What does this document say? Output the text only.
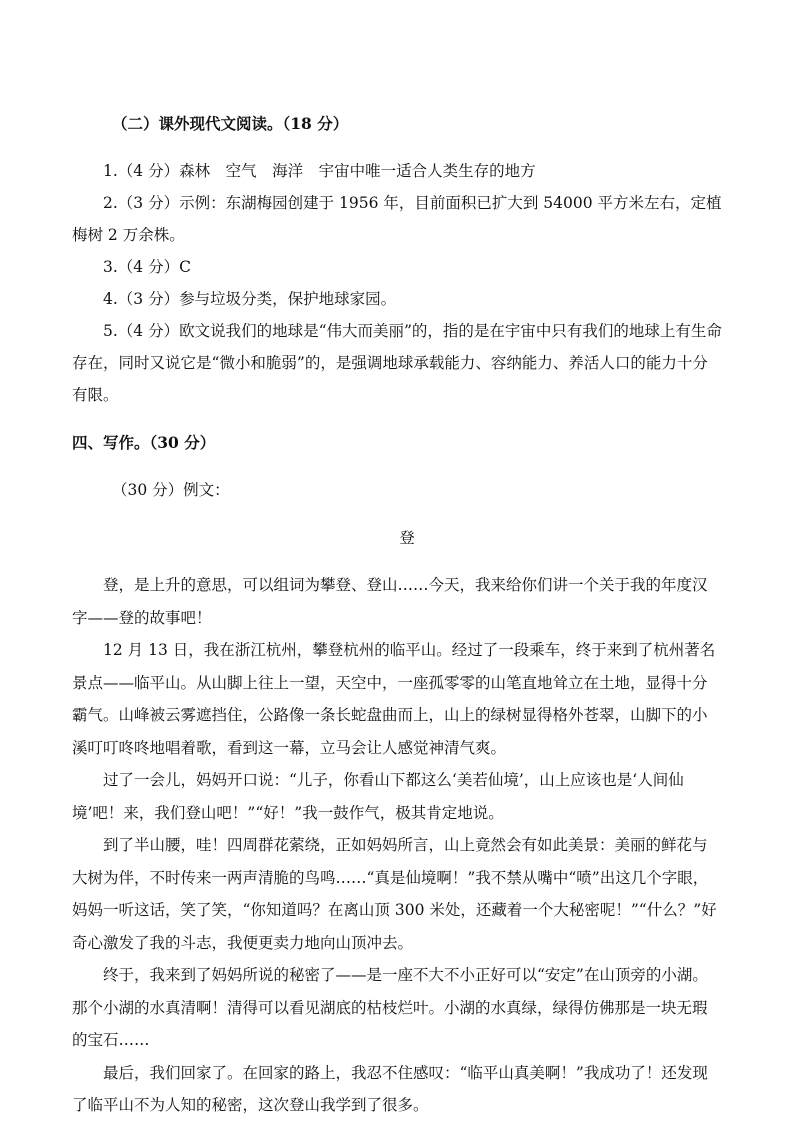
（二）课外现代文阅读。（18 分）

1.（4 分）森林　空气　海洋　宇宙中唯一适合人类生存的地方

2.（3 分）示例：东湖梅园创建于 1956 年，目前面积已扩大到 54000 平方米左右，定植梅树 2 万余株。

3.（4 分）C

4.（3 分）参与垃圾分类，保护地球家园。

5.（4 分）欧文说我们的地球是“伟大而美丽”的，指的是在宇宙中只有我们的地球上有生命存在，同时又说它是“微小和脆弱”的，是强调地球承载能力、容纳能力、养活人口的能力十分有限。

四、写作。（30 分）

（30 分）例文：

登

登，是上升的意思，可以组词为攀登、登山……今天，我来给你们讲一个关于我的年度汉字——登的故事吧！

12 月 13 日，我在浙江杭州，攀登杭州的临平山。经过了一段乘车，终于来到了杭州著名景点——临平山。从山脚上往上一望，天空中，一座孤零零的山笔直地耸立在土地，显得十分霸气。山峰被云雾遮挡住，公路像一条长蛇盘曲而上，山上的绿树显得格外苍翠，山脚下的小溪叮叮咚咚地唱着歌，看到这一幕，立马会让人感觉神清气爽。

过了一会儿，妈妈开口说：“儿子，你看山下都这么‘美若仙境’，山上应该也是‘人间仙境’吧！来，我们登山吧！”“好！”我一鼓作气，极其肯定地说。

到了半山腰，哇！四周群花萦绕，正如妈妈所言，山上竟然会有如此美景：美丽的鲜花与大树为伴，不时传来一两声清脆的鸟鸣……“真是仙境啊！”我不禁从嘴中“喷”出这几个字眼，妈妈一听这话，笑了笑，“你知道吗？在离山顶 300 米处，还藏着一个大秘密呢！”“什么？”好奇心激发了我的斗志，我便更卖力地向山顶冲去。

终于，我来到了妈妈所说的秘密了——是一座不大不小正好可以“安定”在山顶旁的小湖。那个小湖的水真清啊！清得可以看见湖底的枯枝烂叶。小湖的水真绿，绿得仿佛那是一块无瑕的宝石……

最后，我们回家了。在回家的路上，我忍不住感叹：“临平山真美啊！”我成功了！还发现了临平山不为人知的秘密，这次登山我学到了很多。
